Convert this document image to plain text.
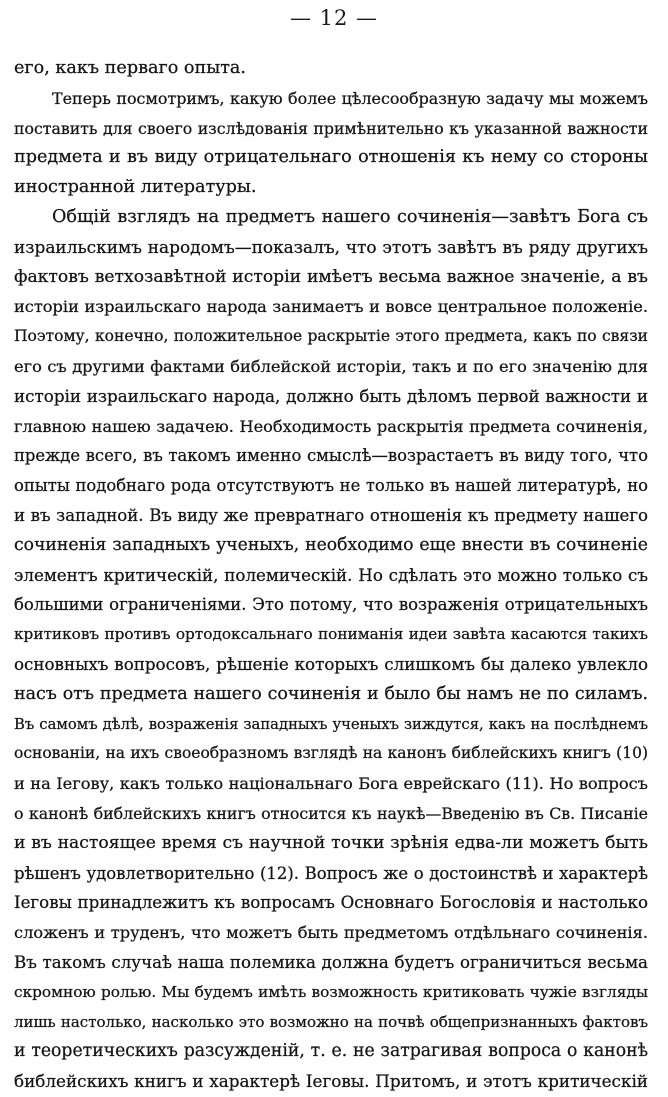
— 12 —
его, какъ перваго опыта.
Теперь посмотримъ, какую более цѣлесообразную задачу мы можемъ
поставить для своего изслѣдованія примѣнительно къ указанной важности
предмета и въ виду отрицательнаго отношенія къ нему со стороны
иностранной литературы.
Общій взглядъ на предметъ нашего сочиненія—завѣтъ Бога съ
израильскимъ народомъ—показалъ, что этотъ завѣтъ въ ряду другихъ
фактовъ ветхозавѣтной исторіи имѣетъ весьма важное значеніе, а въ
исторіи израильскаго народа занимаетъ и вовсе центральное положеніе.
Поэтому, конечно, положительное раскрытіе этого предмета, какъ по связи
его съ другими фактами библейской исторіи, такъ и по его значенію для
исторіи израильскаго народа, должно быть дѣломъ первой важности и
главною нашею задачею. Необходимость раскрытія предмета сочиненія,
прежде всего, въ такомъ именно смыслѣ—возрастаетъ въ виду того, что
опыты подобнаго рода отсутствуютъ не только въ нашей литературѣ, но
и въ западной. Въ виду же превратнаго отношенія къ предмету нашего
сочиненія западныхъ ученыхъ, необходимо еще внести въ сочиненіе
элементъ критическій, полемическій. Но сдѣлать это можно только съ
большими ограниченіями. Это потому, что возраженія отрицательныхъ
критиковъ противъ ортодоксальнаго пониманія идеи завѣта касаются такихъ
основныхъ вопросовъ, рѣшеніе которыхъ слишкомъ бы далеко увлекло
насъ отъ предмета нашего сочиненія и было бы намъ не по силамъ.
Въ самомъ дѣлѣ, возраженія западныхъ ученыхъ зиждутся, какъ на послѣднемъ
основаніи, на ихъ своеобразномъ взглядѣ на канонъ библейскихъ книгъ (10)
и на Іегову, какъ только національнаго Бога еврейскаго (11). Но вопросъ
о канонѣ библейскихъ книгъ относится къ наукѣ—Введенію въ Св. Писаніе
и въ настоящее время съ научной точки зрѣнія едва-ли можетъ быть
рѣшенъ удовлетворительно (12). Вопросъ же о достоинствѣ и характерѣ
Іеговы принадлежитъ къ вопросамъ Основнаго Богословія и настолько
сложенъ и труденъ, что можетъ быть предметомъ отдѣльнаго сочиненія.
Въ такомъ случаѣ наша полемика должна будетъ ограничиться весьма
скромною ролью. Мы будемъ имѣть возможность критиковать чужіе взгляды
лишь настолько, насколько это возможно на почвѣ общепризнанныхъ фактовъ
и теоретическихъ разсужденій, т. е. не затрагивая вопроса о канонѣ
библейскихъ книгъ и характерѣ Іеговы. Притомъ, и этотъ критическій
